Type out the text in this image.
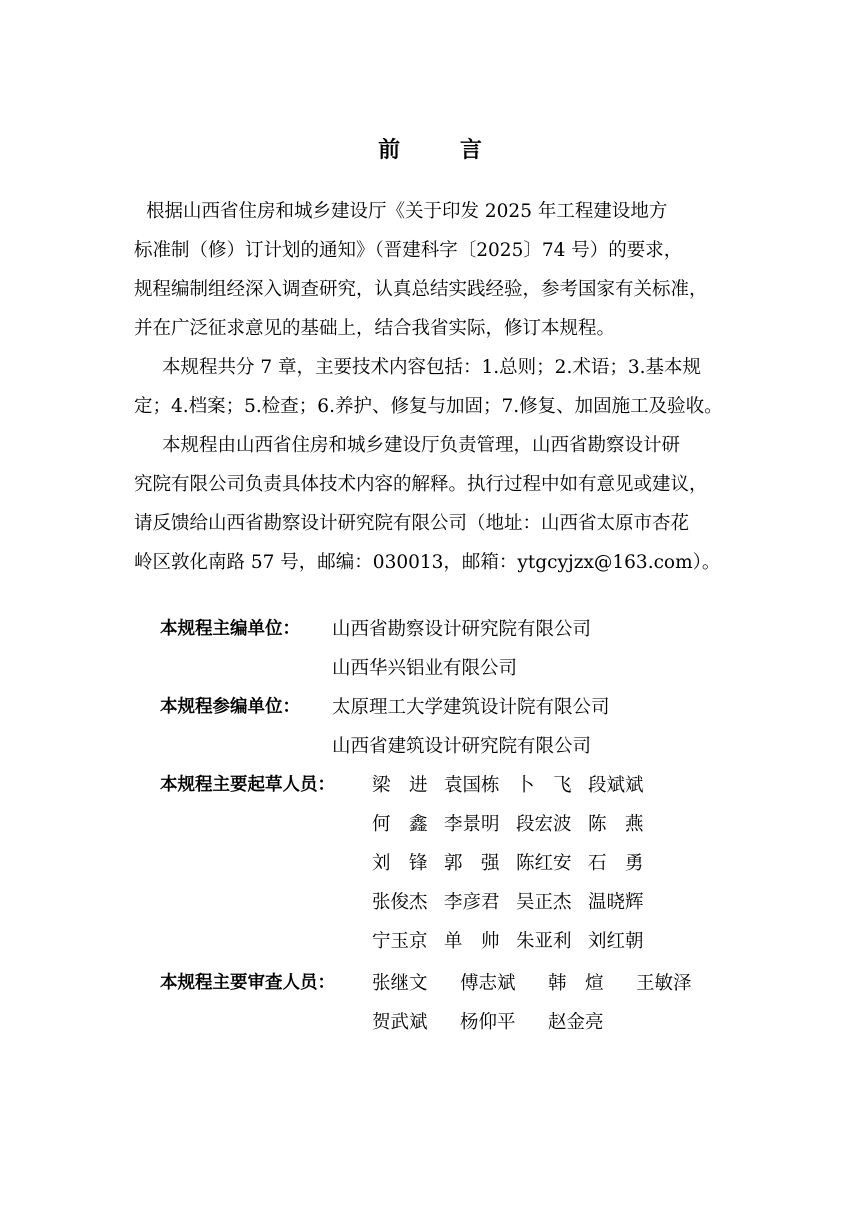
前 言

根据山西省住房和城乡建设厅《关于印发 2025 年工程建设地方
标准制（修）订计划的通知》（晋建科字〔2025〕74 号）的要求，
规程编制组经深入调查研究，认真总结实践经验，参考国家有关标准，
并在广泛征求意见的基础上，结合我省实际，修订本规程。

本规程共分 7 章，主要技术内容包括：1.总则；2.术语；3.基本规
定；4.档案；5.检查；6.养护、修复与加固；7.修复、加固施工及验收。

本规程由山西省住房和城乡建设厅负责管理，山西省勘察设计研
究院有限公司负责具体技术内容的解释。执行过程中如有意见或建议，
请反馈给山西省勘察设计研究院有限公司（地址：山西省太原市杏花
岭区敦化南路 57 号，邮编：030013，邮箱：ytgcyjzx@163.com）。

本规程主编单位： 山西省勘察设计研究院有限公司
山西华兴铝业有限公司
本规程参编单位： 太原理工大学建筑设计院有限公司
山西省建筑设计研究院有限公司
本规程主要起草人员： 梁　进 袁国栋 卜　飞 段斌斌
何　鑫 李景明 段宏波 陈　燕
刘　锋 郭　强 陈红安 石　勇
张俊杰 李彦君 吴正杰 温晓辉
宁玉京 单　帅 朱亚利 刘红朝
本规程主要审查人员： 张继文 傅志斌 韩　煊 王敏泽
贺武斌 杨仰平 赵金亮
